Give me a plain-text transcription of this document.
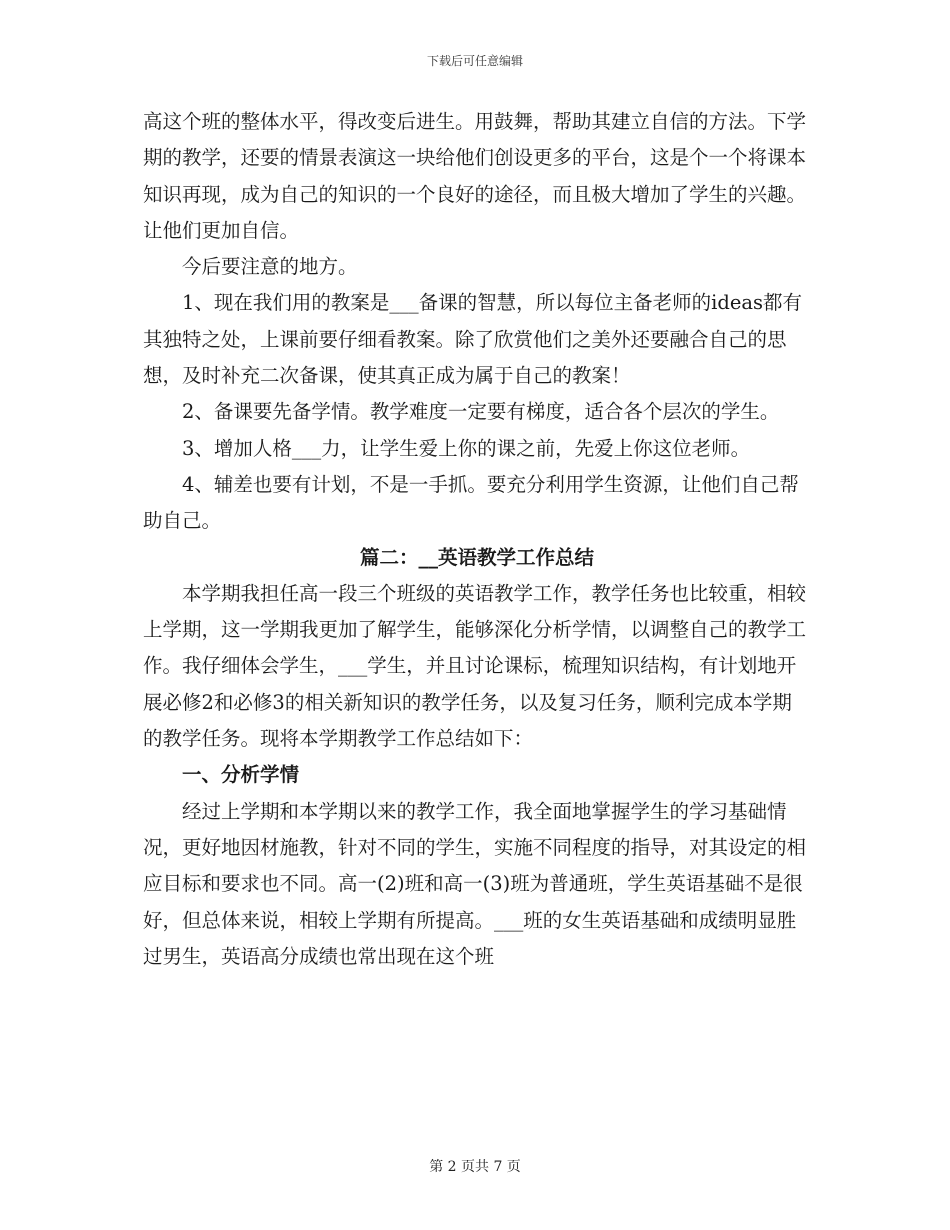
下载后可任意编辑

高这个班的整体水平，得改变后进生。用鼓舞，帮助其建立自信的方法。下学期的教学，还要的情景表演这一块给他们创设更多的平台，这是个一个将课本知识再现，成为自己的知识的一个良好的途径，而且极大增加了学生的兴趣。让他们更加自信。

今后要注意的地方。

1、现在我们用的教案是___备课的智慧，所以每位主备老师的ideas都有其独特之处，上课前要仔细看教案。除了欣赏他们之美外还要融合自己的思想，及时补充二次备课，使其真正成为属于自己的教案！

2、备课要先备学情。教学难度一定要有梯度，适合各个层次的学生。

3、增加人格___力，让学生爱上你的课之前，先爱上你这位老师。

4、辅差也要有计划，不是一手抓。要充分利用学生资源，让他们自己帮助自己。

篇二：__英语教学工作总结

本学期我担任高一段三个班级的英语教学工作，教学任务也比较重，相较上学期，这一学期我更加了解学生，能够深化分析学情，以调整自己的教学工作。我仔细体会学生，___学生，并且讨论课标，梳理知识结构，有计划地开展必修2和必修3的相关新知识的教学任务，以及复习任务，顺利完成本学期的教学任务。现将本学期教学工作总结如下：

一、分析学情

经过上学期和本学期以来的教学工作，我全面地掌握学生的学习基础情况，更好地因材施教，针对不同的学生，实施不同程度的指导，对其设定的相应目标和要求也不同。高一(2)班和高一(3)班为普通班，学生英语基础不是很好，但总体来说，相较上学期有所提高。___班的女生英语基础和成绩明显胜过男生，英语高分成绩也常出现在这个班

第 2 页共 7 页
